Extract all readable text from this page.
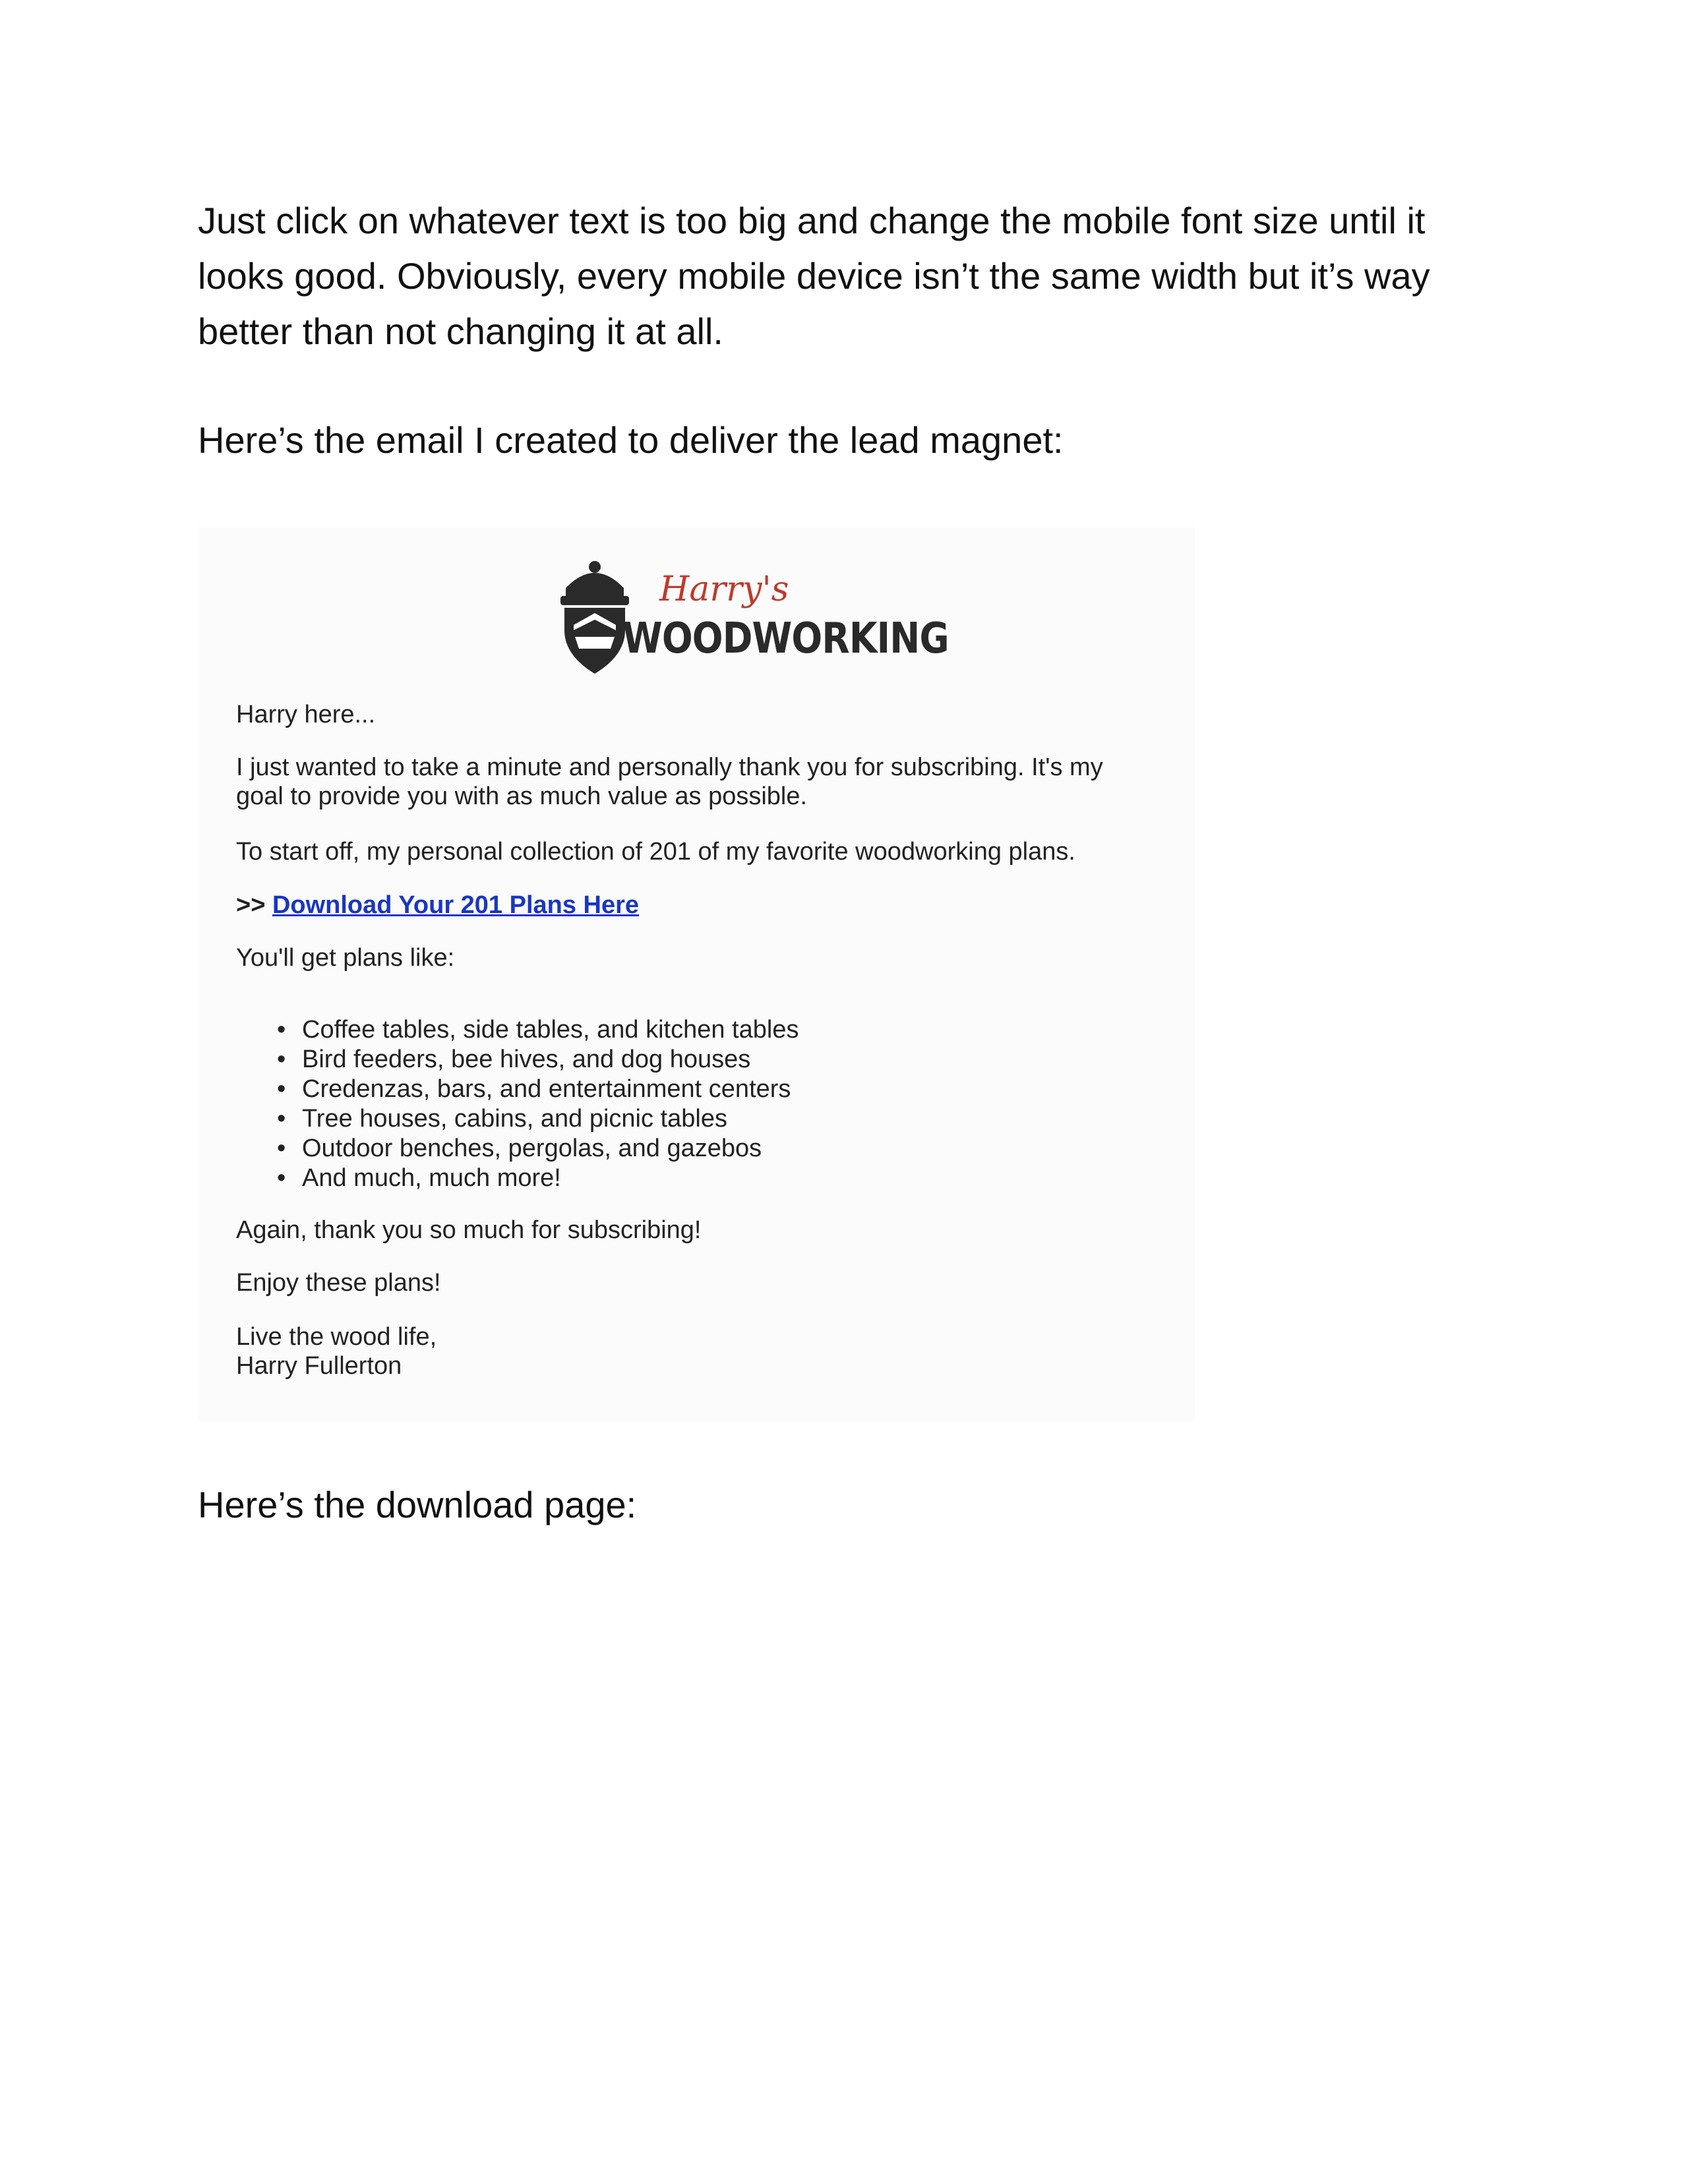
Just click on whatever text is too big and change the mobile font size until it looks good. Obviously, every mobile device isn’t the same width but it’s way better than not changing it at all.

Here’s the email I created to deliver the lead magnet:

Harry's
WOODWORKING

Harry here...

I just wanted to take a minute and personally thank you for subscribing. It's my

goal to provide you with as much value as possible.

To start off, my personal collection of 201 of my favorite woodworking plans.

>> Download Your 201 Plans Here

You'll get plans like:

• Coffee tables, side tables, and kitchen tables
• Bird feeders, bee hives, and dog houses
• Credenzas, bars, and entertainment centers
• Tree houses, cabins, and picnic tables
• Outdoor benches, pergolas, and gazebos
• And much, much more!

Again, thank you so much for subscribing!

Enjoy these plans!

Live the wood life,

Harry Fullerton

Here’s the download page:
